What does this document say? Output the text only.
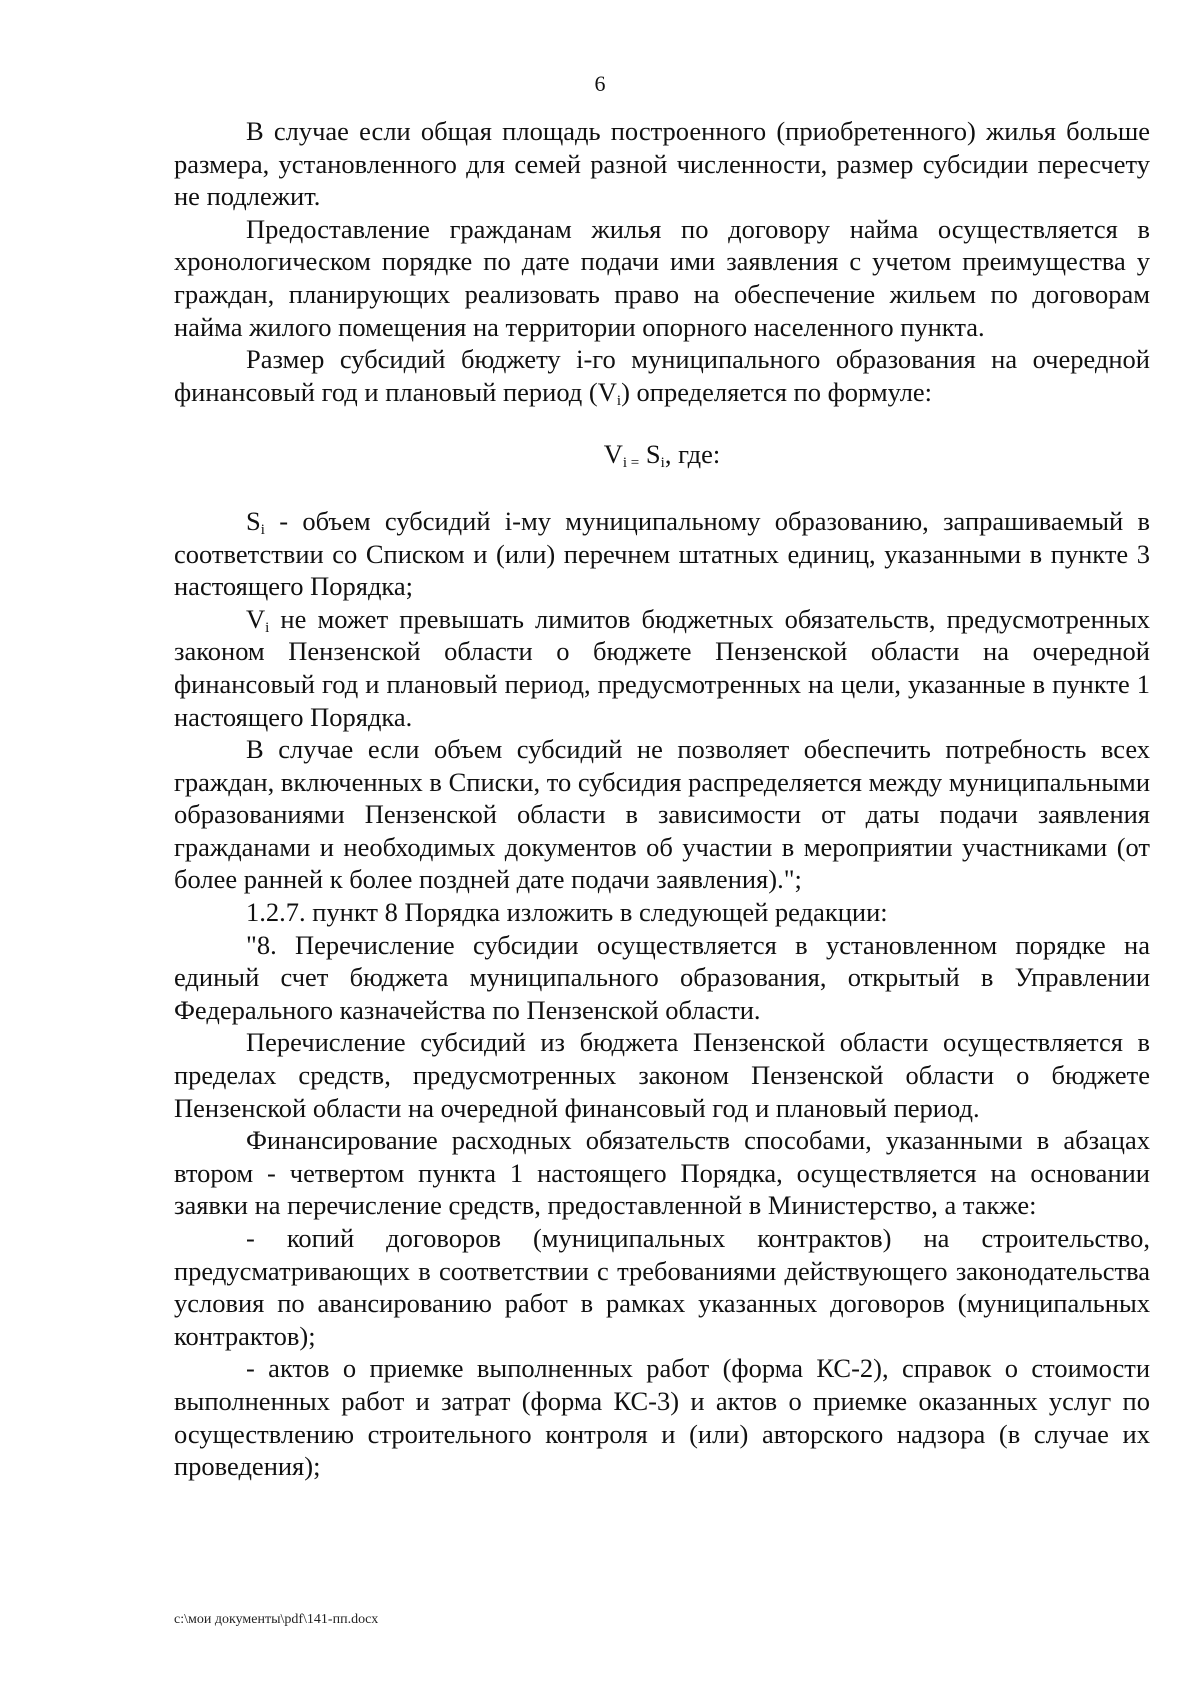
6

В случае если общая площадь построенного (приобретенного) жилья больше размера, установленного для семей разной численности, размер субсидии пересчету не подлежит.

Предоставление гражданам жилья по договору найма осуществляется в хронологическом порядке по дате подачи ими заявления с учетом преимущества у граждан, планирующих реализовать право на обеспечение жильем по договорам найма жилого помещения на территории опорного населенного пункта.

Размер субсидий бюджету i-го муниципального образования на очередной финансовый год и плановый период $(V_i)$ определяется по формуле:

$V_{i =}$ $S_i$, где:

$S_i$ - объем субсидий i-му муниципальному образованию, запрашиваемый в соответствии со Списком и (или) перечнем штатных единиц, указанными в пункте 3 настоящего Порядка;

$V_i$ не может превышать лимитов бюджетных обязательств, предусмотренных законом Пензенской области о бюджете Пензенской области на очередной финансовый год и плановый период, предусмотренных на цели, указанные в пункте 1 настоящего Порядка.

В случае если объем субсидий не позволяет обеспечить потребность всех граждан, включенных в Списки, то субсидия распределяется между муниципальными образованиями Пензенской области в зависимости от даты подачи заявления гражданами и необходимых документов об участии в мероприятии участниками (от более ранней к более поздней дате подачи заявления).";

1.2.7. пункт 8 Порядка изложить в следующей редакции:

"8. Перечисление субсидии осуществляется в установленном порядке на единый счет бюджета муниципального образования, открытый в Управлении Федерального казначейства по Пензенской области.

Перечисление субсидий из бюджета Пензенской области осуществляется в пределах средств, предусмотренных законом Пензенской области о бюджете Пензенской области на очередной финансовый год и плановый период.

Финансирование расходных обязательств способами, указанными в абзацах втором - четвертом пункта 1 настоящего Порядка, осуществляется на основании заявки на перечисление средств, предоставленной в Министерство, а также:

- копий договоров (муниципальных контрактов) на строительство, предусматривающих в соответствии с требованиями действующего законодательства условия по авансированию работ в рамках указанных договоров (муниципальных контрактов);

- актов о приемке выполненных работ (форма КС-2), справок о стоимости выполненных работ и затрат (форма КС-3) и актов о приемке оказанных услуг по осуществлению строительного контроля и (или) авторского надзора (в случае их проведения);

c:\мои документы\pdf\141-пп.docx
